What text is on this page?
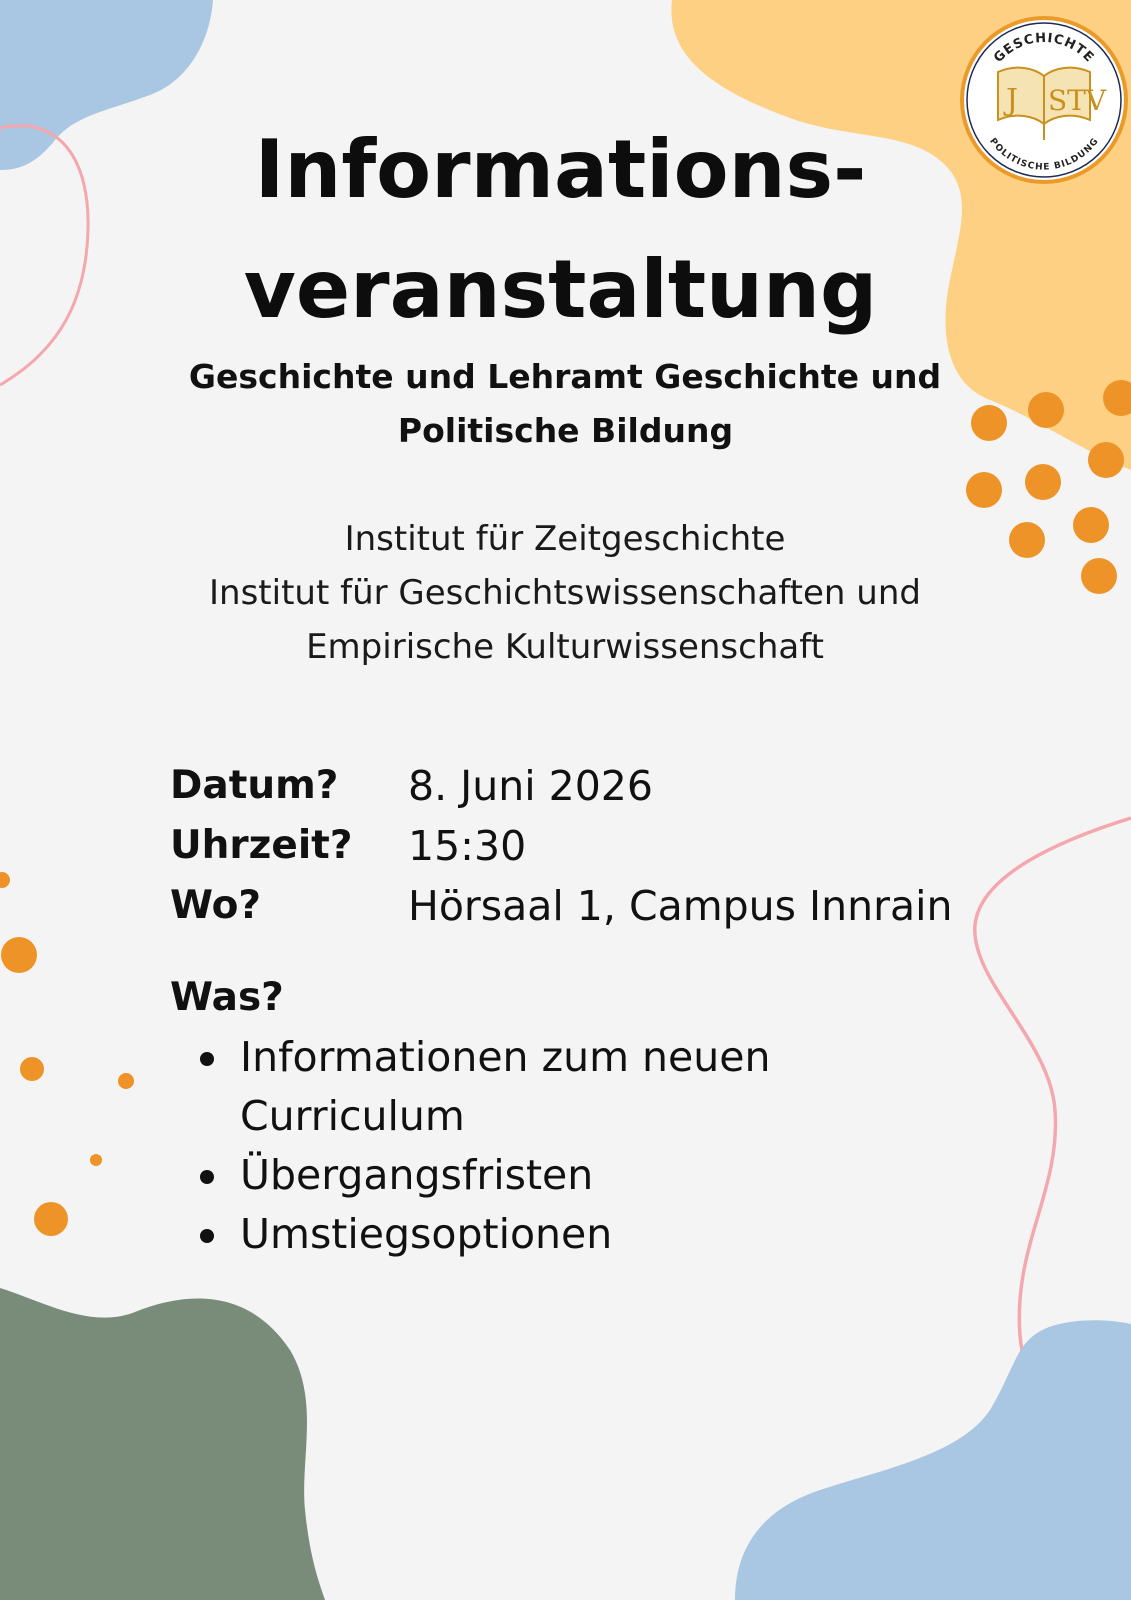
Informations-
veranstaltung
Geschichte und Lehramt Geschichte und
Politische Bildung
Institut für Zeitgeschichte
Institut für Geschichtswissenschaften und
Empirische Kulturwissenschaft
Datum? 8. Juni 2026
Uhrzeit? 15:30
Wo?	Hörsaal 1, Campus Innrain
Was?
Informationen zum neuen
Curriculum
Übergangsfristen
Umstiegsoptionen
GESCHICHTE
POLITISCHE BILDUNG
Ј STV
